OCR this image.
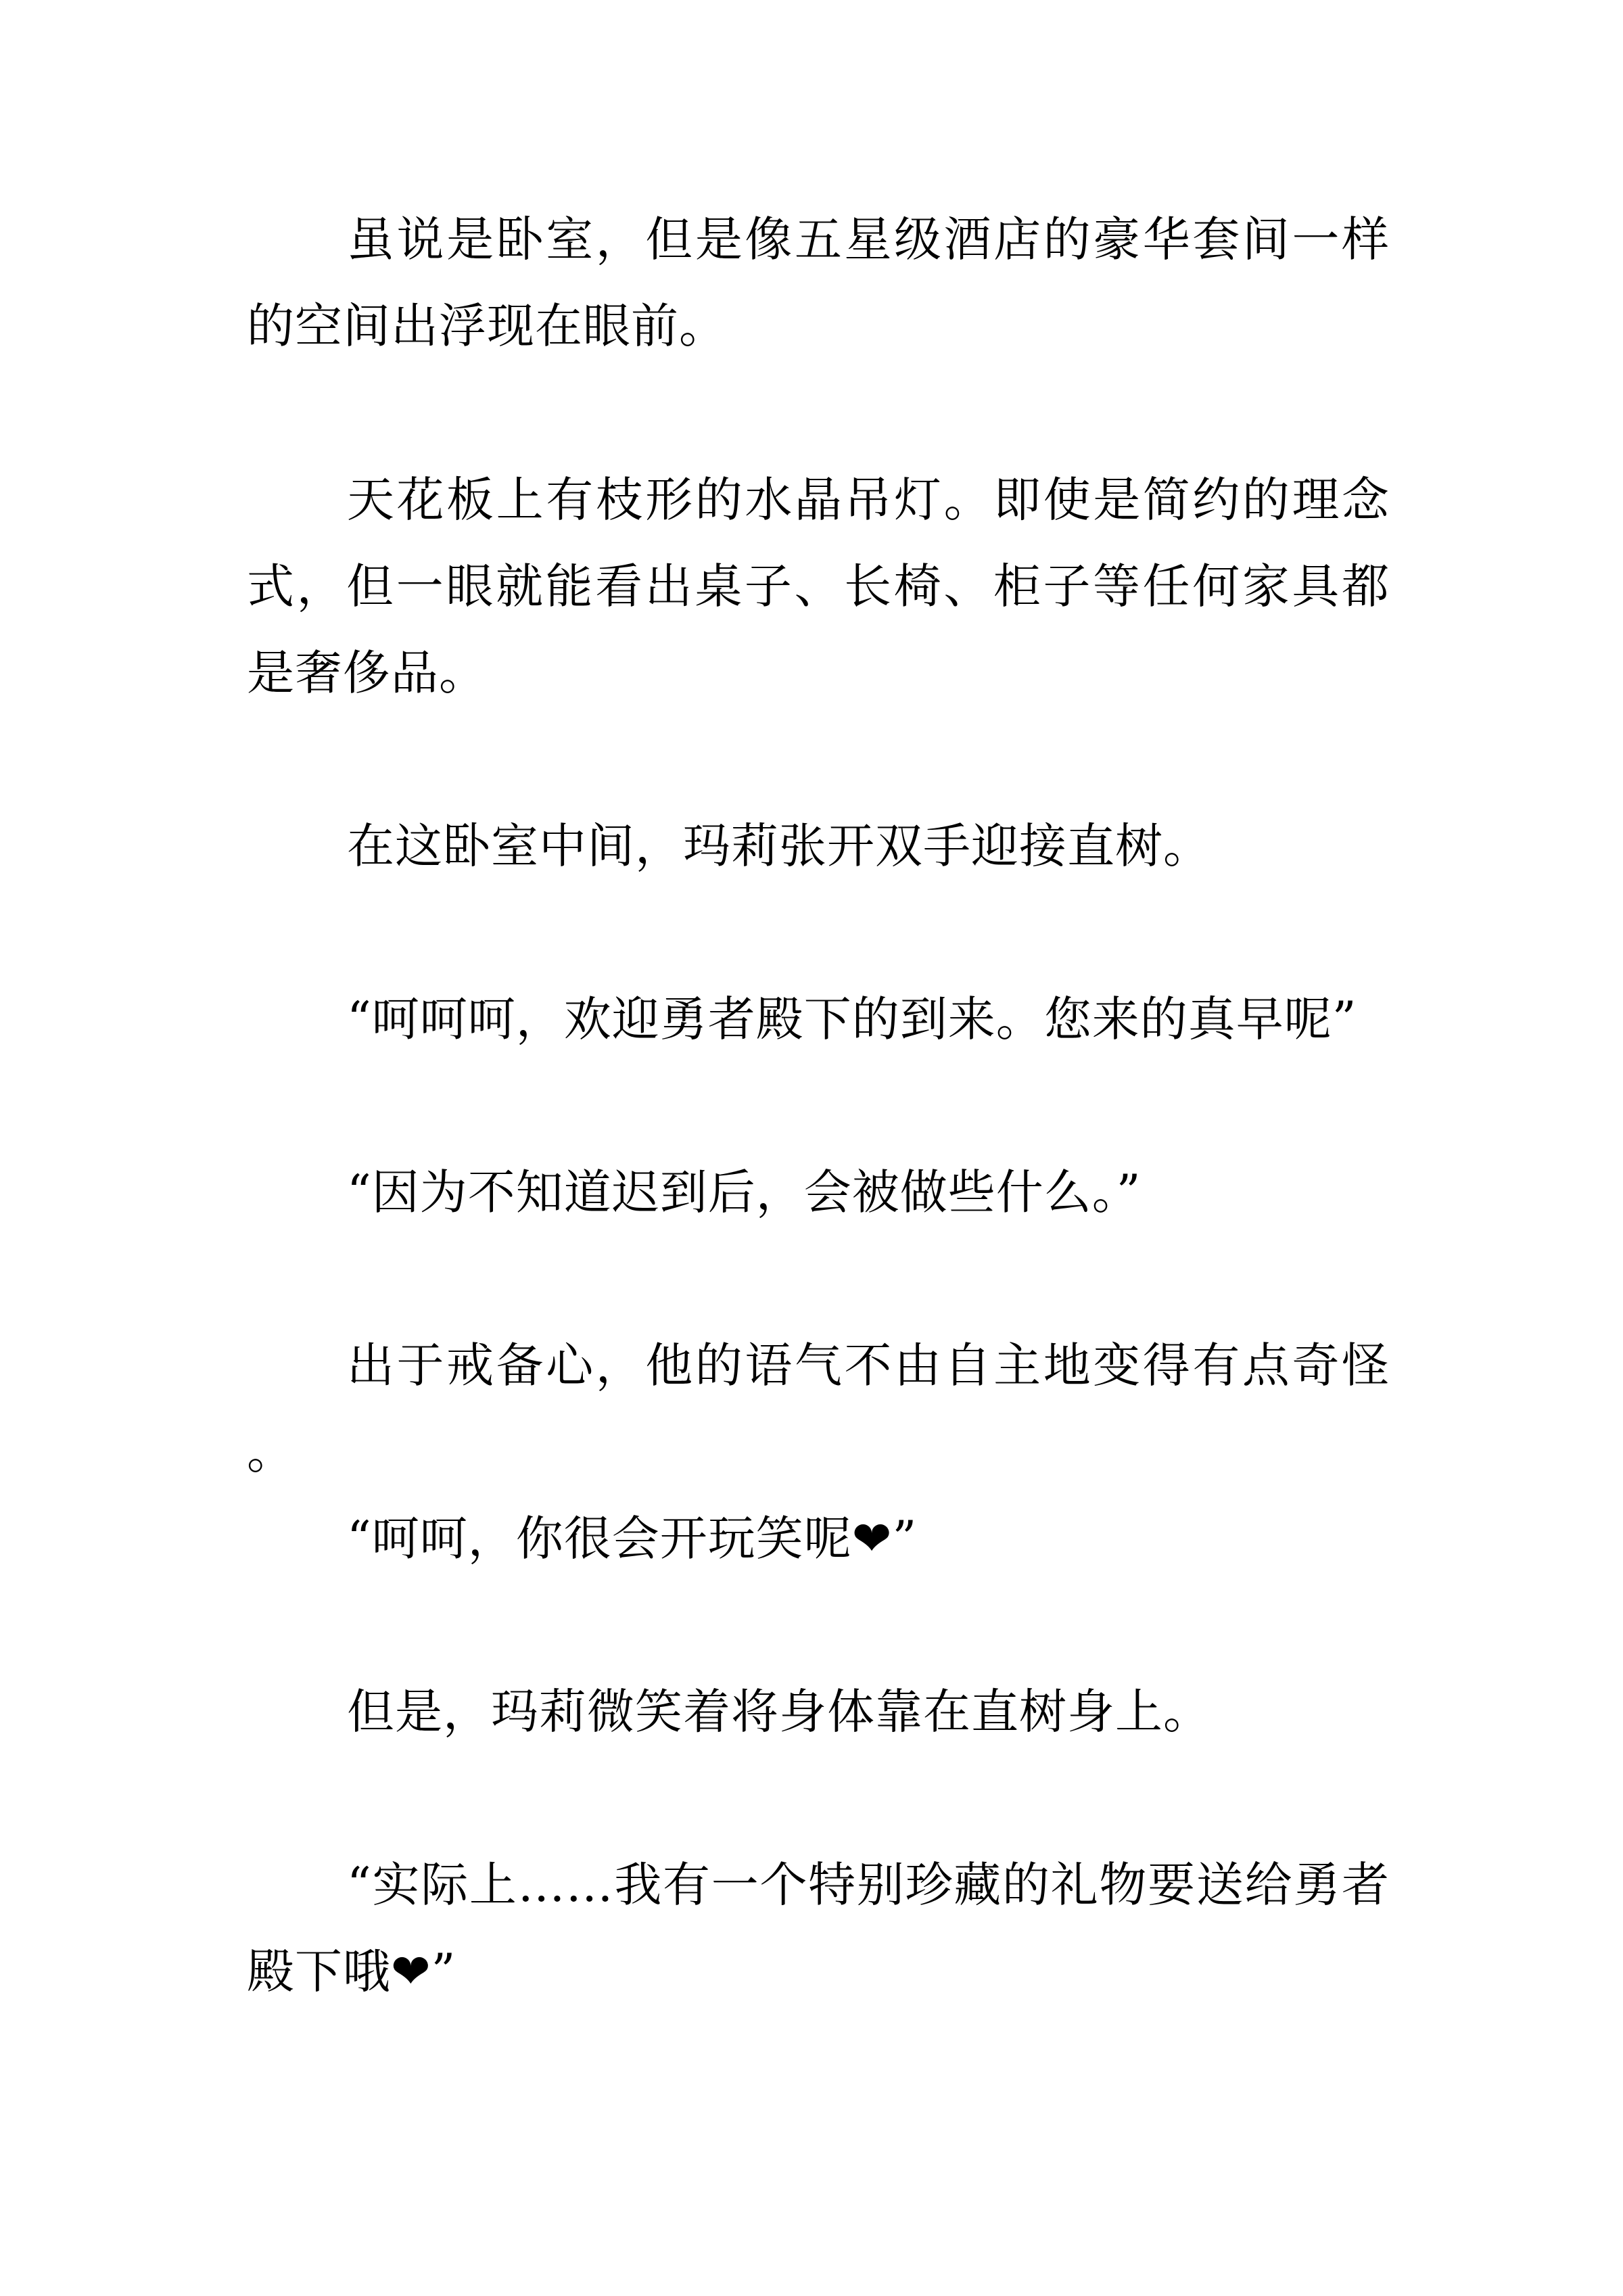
虽说是卧室，但是像五星级酒店的豪华套间一样的空间出浮现在眼前。

天花板上有枝形的水晶吊灯。即使是简约的理念式，但一眼就能看出桌子、长椅、柜子等任何家具都是奢侈品。

在这卧室中间，玛莉张开双手迎接直树。

“呵呵呵，欢迎勇者殿下的到来。您来的真早呢”

“因为不知道迟到后，会被做些什么。”

出于戒备心，他的语气不由自主地变得有点奇怪。

“呵呵，你很会开玩笑呢❤”

但是，玛莉微笑着将身体靠在直树身上。

“实际上……我有一个特别珍藏的礼物要送给勇者殿下哦❤”
